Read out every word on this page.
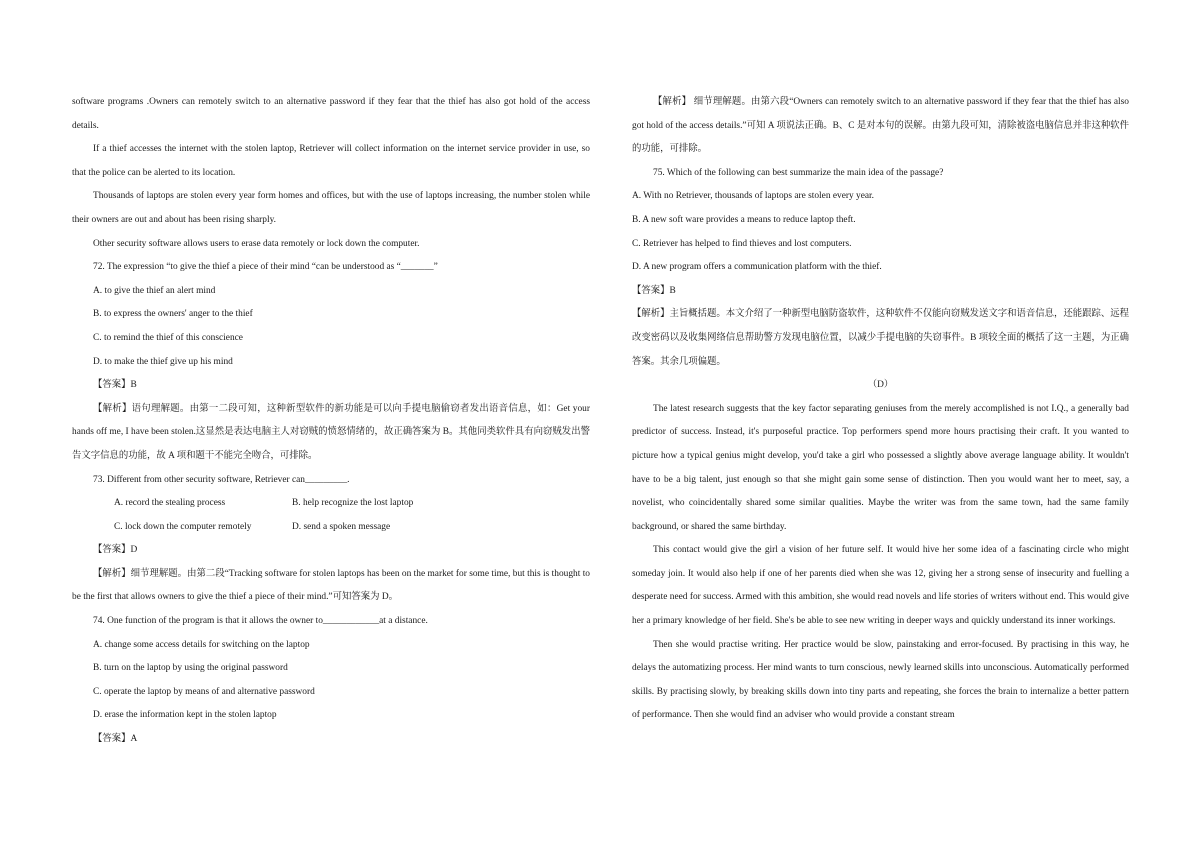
software programs .Owners can remotely switch to an alternative password if they fear that the thief has also got hold of the access details.

If a thief accesses the internet with the stolen laptop, Retriever will collect information on the internet service provider in use, so that the police can be alerted to its location.

Thousands of laptops are stolen every year form homes and offices, but with the use of laptops increasing, the number stolen while their owners are out and about has been rising sharply.

Other security software allows users to erase data remotely or lock down the computer.

72. The expression “to give the thief a piece of their mind “can be understood as “_______”

A. to give the thief an alert mind

B. to express the owners' anger to the thief

C. to remind the thief of this conscience

D. to make the thief give up his mind

【答案】B

【解析】语句理解题。由第一二段可知，这种新型软件的新功能是可以向手提电脑偷窃者发出语音信息，如：Get your hands off me, I have been stolen.这显然是表达电脑主人对窃贼的愤怒情绪的，故正确答案为 B。其他同类软件具有向窃贼发出警告文字信息的功能，故 A 项和题干不能完全吻合，可排除。

73. Different from other security software, Retriever can_________.

A. record the stealing process	B. help recognize the lost laptop

C. lock down the computer remotely	D. send a spoken message

【答案】D

【解析】细节理解题。由第二段“Tracking software for stolen laptops has been on the market for some time, but this is thought to be the first that allows owners to give the thief a piece of their mind.”可知答案为 D。

74. One function of the program is that it allows the owner to____________at a distance.

A. change some access details for switching on the laptop

B. turn on the laptop by using the original password

C. operate the laptop by means of and alternative password

D. erase the information kept in the stolen laptop

【答案】A

【解析】 细节理解题。由第六段“Owners can remotely switch to an alternative password if they fear that the thief has also got hold of the access details.”可知 A 项说法正确。B、C 是对本句的误解。由第九段可知，清除被盗电脑信息并非这种软件的功能，可排除。

75. Which of the following can best summarize the main idea of the passage?

A. With no Retriever, thousands of laptops are stolen every year.

B. A new soft ware provides a means to reduce laptop theft.

C. Retriever has helped to find thieves and lost computers.

D. A new program offers a communication platform with the thief.

【答案】B

【解析】主旨概括题。本文介绍了一种新型电脑防盗软件，这种软件不仅能向窃贼发送文字和语音信息，还能跟踪、远程改变密码以及收集网络信息帮助警方发现电脑位置，以减少手提电脑的失窃事件。B 项较全面的概括了这一主题，为正确答案。其余几项偏题。

（D）

The latest research suggests that the key factor separating geniuses from the merely accomplished is not I.Q., a generally bad predictor of success. Instead, it's purposeful practice. Top performers spend more hours practising their craft. It you wanted to picture how a typical genius might develop, you'd take a girl who possessed a slightly above average language ability. It wouldn't have to be a big talent, just enough so that she might gain some sense of distinction. Then you would want her to meet, say, a novelist, who coincidentally shared some similar qualities. Maybe the writer was from the same town, had the same family background, or shared the same birthday.

This contact would give the girl a vision of her future self. It would hive her some idea of a fascinating circle who might someday join. It would also help if one of her parents died when she was 12, giving her a strong sense of insecurity and fuelling a desperate need for success. Armed with this ambition, she would read novels and life stories of writers without end. This would give her a primary knowledge of her field. She's be able to see new writing in deeper ways and quickly understand its inner workings.

Then she would practise writing. Her practice would be slow, painstaking and error-focused. By practising in this way, he delays the automatizing process. Her mind wants to turn conscious, newly learned skills into unconscious. Automatically performed skills. By practising slowly, by breaking skills down into tiny parts and repeating, she forces the brain to internalize a better pattern of performance. Then she would find an adviser who would provide a constant stream
